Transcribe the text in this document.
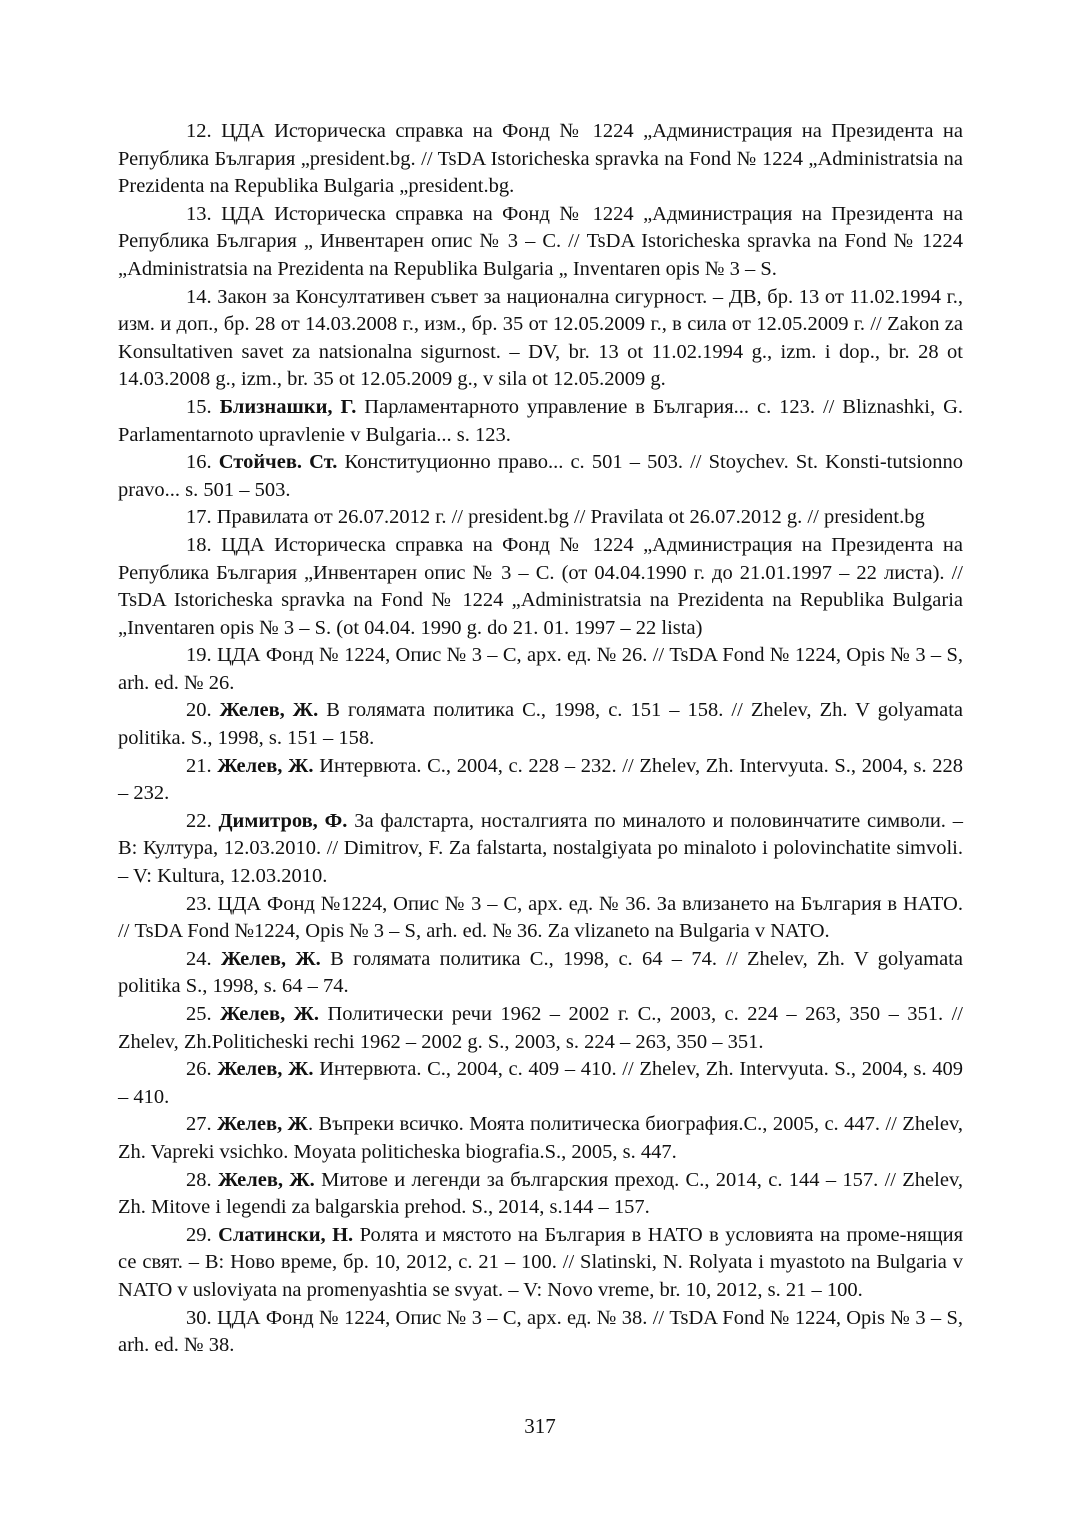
12. ЦДА Историческа справка на Фонд № 1224 „Администрация на Президента на Република България „president.bg. // TsDA Istoricheska spravka na Fond № 1224 „Administratsia na Prezidenta na Republika Bulgaria „president.bg.

13. ЦДА Историческа справка на Фонд № 1224 „Администрация на Президента на Република България „ Инвентарен опис № 3 – С. // TsDA Istoricheska spravka na Fond № 1224 „Administratsia na Prezidenta na Republika Bulgaria „ Inventaren opis № 3 – S.

14. Закон за Консултативен съвет за национална сигурност. – ДВ, бр. 13 от 11.02.1994 г., изм. и доп., бр. 28 от 14.03.2008 г., изм., бр. 35 от 12.05.2009 г., в сила от 12.05.2009 г. // Zakon za Konsultativen savet za natsionalna sigurnost. – DV, br. 13 ot 11.02.1994 g., izm. i dop., br. 28 ot 14.03.2008 g., izm., br. 35 ot 12.05.2009 g., v sila ot 12.05.2009 g.

15. Близнашки, Г. Парламентарното управление в България... с. 123. // Bliznashki, G. Parlamentarnoto upravlenie v Bulgaria... s. 123.

16. Стойчев. Ст. Конституционно право... с. 501 – 503. // Stoychev. St. Konsti-tutsionno pravo... s. 501 – 503.

17. Правилата от 26.07.2012 г. // president.bg // Pravilata ot 26.07.2012 g. // president.bg

18. ЦДА Историческа справка на Фонд № 1224 „Администрация на Президента на Република България „Инвентарен опис № 3 – С. (от 04.04.1990 г. до 21.01.1997 – 22 листа). // TsDA Istoricheska spravka na Fond № 1224 „Administratsia na Prezidenta na Republika Bulgaria „Inventaren opis № 3 – S. (ot 04.04. 1990 g. do 21. 01. 1997 – 22 lista)

19. ЦДА Фонд № 1224, Опис № 3 – С, арх. ед. № 26. // TsDA Fond № 1224, Opis № 3 – S, arh. ed. № 26.

20. Желев, Ж. В голямата политика С., 1998, с. 151 – 158. // Zhelev, Zh. V golyamata politika. S., 1998, s. 151 – 158.

21. Желев, Ж. Интервюта. С., 2004, с. 228 – 232. // Zhelev, Zh. Intervyuta. S., 2004, s. 228 – 232.

22. Димитров, Ф. За фалстарта, носталгията по миналото и половинчатите символи. – В: Култура, 12.03.2010. // Dimitrov, F. Za falstarta, nostalgiyata po minaloto i polovinchatite simvoli. – V: Kultura, 12.03.2010.

23. ЦДА Фонд №1224, Опис № 3 – С, арх. ед. № 36. За влизането на България в НАТО. // TsDA Fond №1224, Opis № 3 – S, arh. ed. № 36. Za vlizaneto na Bulgaria v NATO.

24. Желев, Ж. В голямата политика С., 1998, с. 64 – 74. // Zhelev, Zh. V golyamata politika S., 1998, s. 64 – 74.

25. Желев, Ж. Политически речи 1962 – 2002 г. С., 2003, с. 224 – 263, 350 – 351. // Zhelev, Zh.Politicheski rechi 1962 – 2002 g. S., 2003, s. 224 – 263, 350 – 351.

26. Желев, Ж. Интервюта. С., 2004, с. 409 – 410. // Zhelev, Zh. Intervyuta. S., 2004, s. 409 – 410.

27. Желев, Ж. Въпреки всичко. Моята политическа биография.С., 2005, с. 447. // Zhelev, Zh. Vapreki vsichko. Moyata politicheska biografia.S., 2005, s. 447.

28. Желев, Ж. Митове и легенди за българския преход. С., 2014, с. 144 – 157. // Zhelev, Zh. Mitove i legendi za balgarskia prehod. S., 2014, s.144 – 157.

29. Слатински, Н. Ролята и мястото на България в НАТО в условията на проме-нящия се свят. – В: Ново време, бр. 10, 2012, с. 21 – 100. // Slatinski, N. Rolyata i myastoto na Bulgaria v NATO v usloviyata na promenyashtia se svyat. – V: Novo vreme, br. 10, 2012, s. 21 – 100.

30. ЦДА Фонд № 1224, Опис № 3 – С, арх. ед. № 38. // TsDA Fond № 1224, Opis № 3 – S, arh. ed. № 38.

317
